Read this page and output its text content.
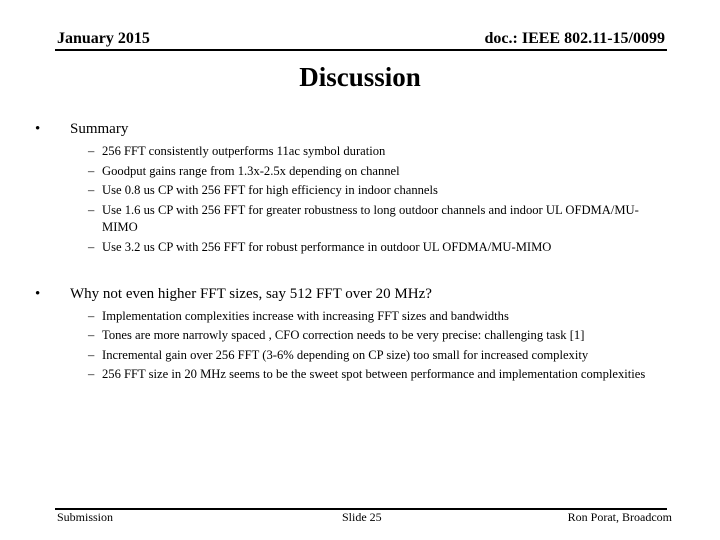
January 2015	doc.: IEEE 802.11-15/0099
Discussion
• Summary
– 256 FFT consistently outperforms 11ac symbol duration
– Goodput gains range from 1.3x-2.5x depending on channel
– Use 0.8 us CP with 256 FFT for high efficiency in indoor channels
– Use 1.6 us CP with 256 FFT for greater robustness to long outdoor channels and indoor UL OFDMA/MU-MIMO
– Use 3.2 us CP with 256 FFT for robust performance in outdoor UL OFDMA/MU-MIMO
• Why not even higher FFT sizes, say 512 FFT over 20 MHz?
– Implementation complexities increase with increasing FFT sizes and bandwidths
– Tones are more narrowly spaced , CFO correction needs to be very precise: challenging task [1]
– Incremental gain over 256 FFT (3-6% depending on CP size) too small for increased complexity
– 256 FFT size in 20 MHz seems to be the sweet spot between performance and implementation complexities
Submission	Slide 25	Ron Porat, Broadcom
